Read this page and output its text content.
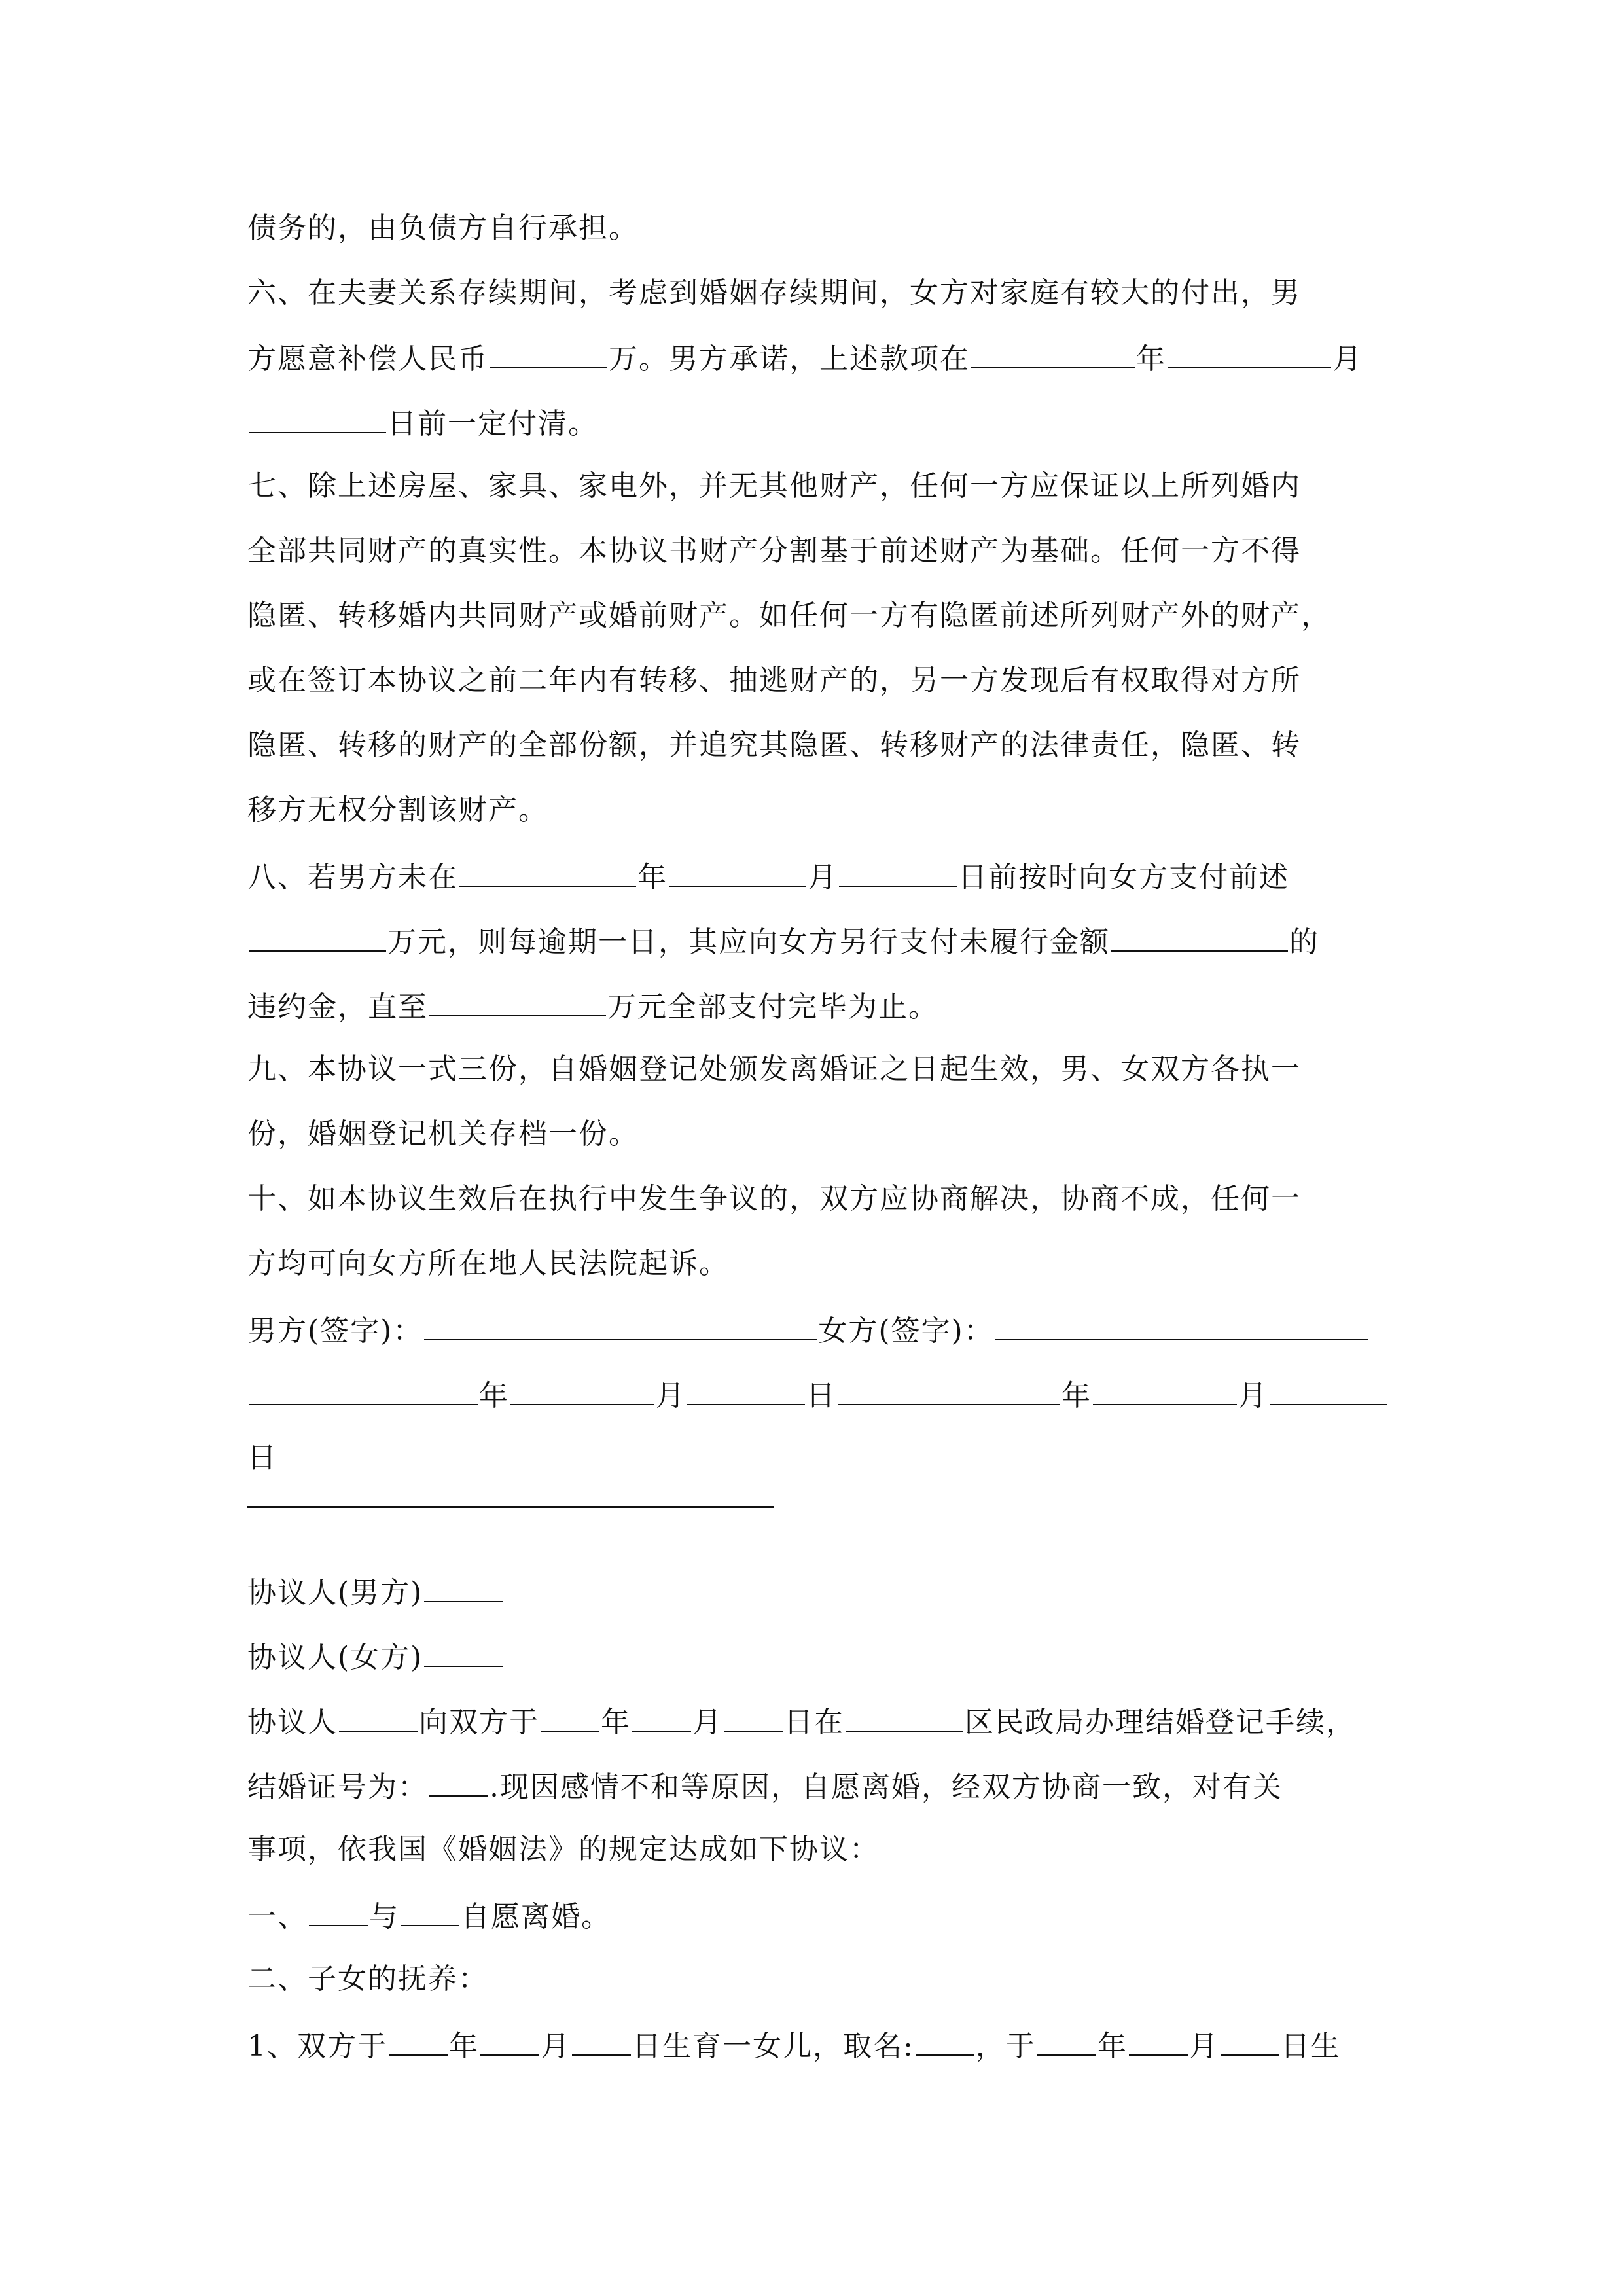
债务的，由负债方自行承担。
六、在夫妻关系存续期间，考虑到婚姻存续期间，女方对家庭有较大的付出，男
方愿意补偿人民币	万。男方承诺，上述款项在	年	月
日前一定付清。
七、除上述房屋、家具、家电外，并无其他财产，任何一方应保证以上所列婚内
全部共同财产的真实性。本协议书财产分割基于前述财产为基础。任何一方不得
隐匿、转移婚内共同财产或婚前财产。如任何一方有隐匿前述所列财产外的财产，
或在签订本协议之前二年内有转移、抽逃财产的，另一方发现后有权取得对方所
隐匿、转移的财产的全部份额，并追究其隐匿、转移财产的法律责任，隐匿、转
移方无权分割该财产。
八、若男方未在	年	月	日前按时向女方支付前述
万元，则每逾期一日，其应向女方另行支付未履行金额	的
违约金，直至	万元全部支付完毕为止。
九、本协议一式三份，自婚姻登记处颁发离婚证之日起生效，男、女双方各执一
份，婚姻登记机关存档一份。
十、如本协议生效后在执行中发生争议的，双方应协商解决，协商不成，任何一
方均可向女方所在地人民法院起诉。
男方(签字)：	女方(签字)：
年	月	日	年	月
日
协议人(男方)
协议人(女方)
协议人	向双方于 年 月 日在	区民政局办理结婚登记手续，
结婚证号为： .现因感情不和等原因，自愿离婚，经双方协商一致，对有关
事项，依我国《婚姻法》的规定达成如下协议：
一、 与 自愿离婚。
二、子女的抚养：
1、双方于 年 月 日生育一女儿，取名: ，于 年 月 日生
